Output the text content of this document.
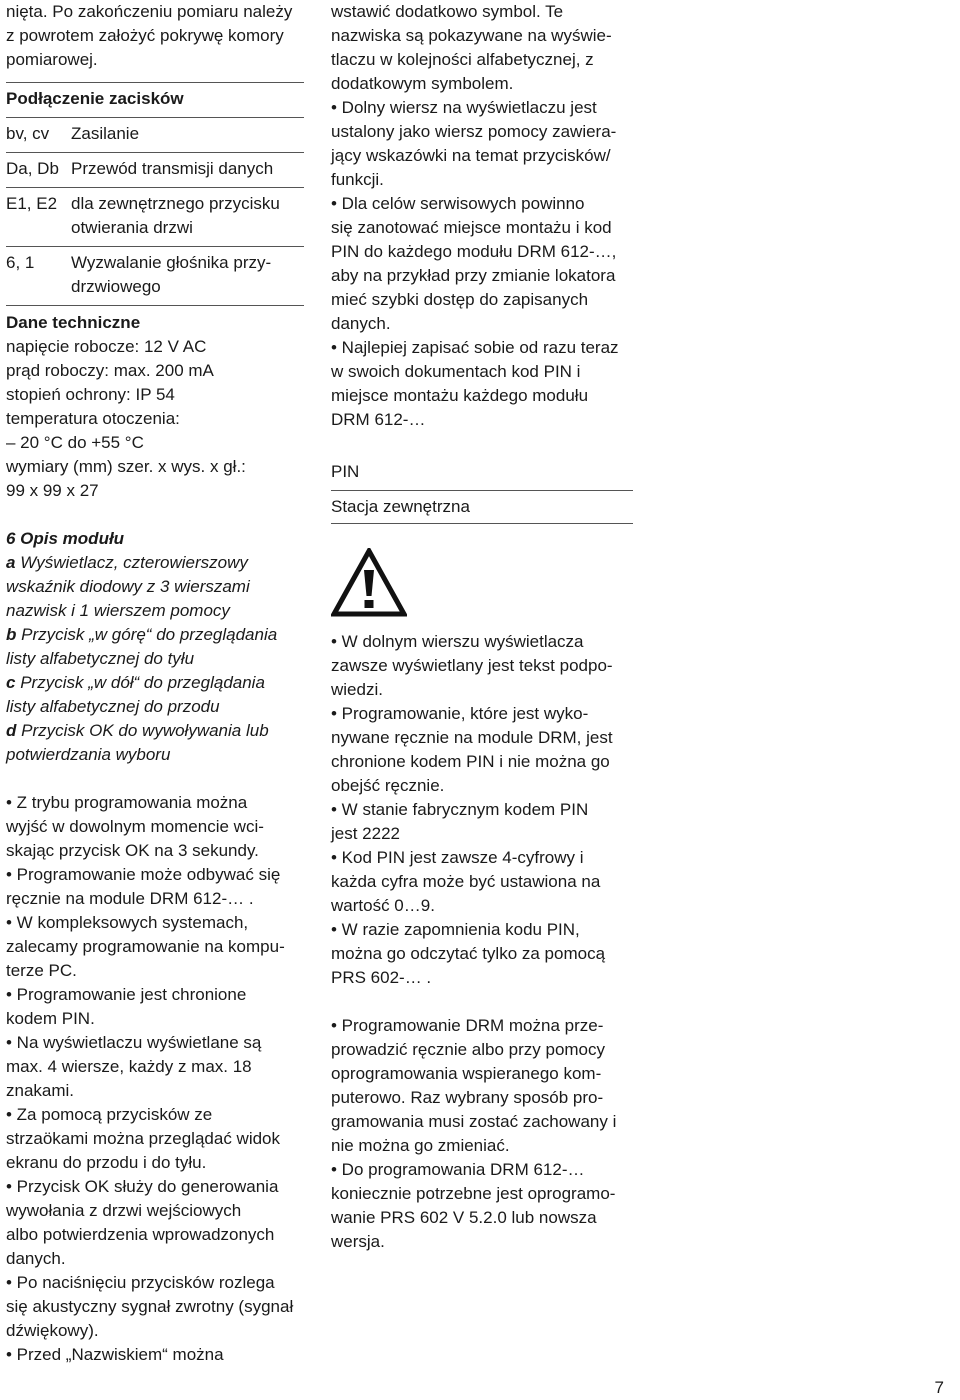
nięta. Po zakończeniu pomiaru należy
z powrotem założyć pokrywę komory
pomiarowej.
Podłączenie zacisków
bv, cv	Zasilanie
Da, Db Przewód transmisji danych
E1, E2 dla zewnętrznego przycisku
otwierania drzwi
6, 1	Wyzwalanie głośnika przy-
drzwiowego
Dane techniczne
napięcie robocze: 12 V AC
prąd roboczy: max. 200 mA
stopień ochrony: IP 54
temperatura otoczenia:
– 20 °C do +55 °C
wymiary (mm) szer. x wys. x gł.:
99 x 99 x 27
6 Opis modułu
a Wyświetlacz, czterowierszowy
wskaźnik diodowy z 3 wierszami
nazwisk i 1 wierszem pomocy
b Przycisk „w górę“ do przeglądania
listy alfabetycznej do tyłu
c Przycisk „w dół“ do przeglądania
listy alfabetycznej do przodu
d Przycisk OK do wywoływania lub
potwierdzania wyboru
• Z trybu programowania można
wyjść w dowolnym momencie wci-
skając przycisk OK na 3 sekundy.
• Programowanie może odbywać się
ręcznie na module DRM 612-… .
• W kompleksowych systemach,
zalecamy programowanie na kompu-
terze PC.
• Programowanie jest chronione
kodem PIN.
• Na wyświetlaczu wyświetlane są
max. 4 wiersze, każdy z max. 18
znakami.
• Za pomocą przycisków ze
strzaökami można przeglądać widok
ekranu do przodu i do tyłu.
• Przycisk OK służy do generowania
wywołania z drzwi wejściowych
albo potwierdzenia wprowadzonych
danych.
• Po naciśnięciu przycisków rozlega
się akustyczny sygnał zwrotny (sygnał
dźwiękowy).
• Przed „Nazwiskiem“ można
wstawić dodatkowo symbol. Te
nazwiska są pokazywane na wyświe-
tlaczu w kolejności alfabetycznej, z
dodatkowym symbolem.
• Dolny wiersz na wyświetlaczu jest
ustalony jako wiersz pomocy zawiera-
jący wskazówki na temat przycisków/
funkcji.
• Dla celów serwisowych powinno
się zanotować miejsce montażu i kod
PIN do każdego modułu DRM 612-…,
aby na przykład przy zmianie lokatora
mieć szybki dostęp do zapisanych
danych.
• Najlepiej zapisać sobie od razu teraz
w swoich dokumentach kod PIN i
miejsce montażu każdego modułu
DRM 612-…
PIN
Stacja zewnętrzna
• W dolnym wierszu wyświetlacza
zawsze wyświetlany jest tekst podpo-
wiedzi.
• Programowanie, które jest wyko-
nywane ręcznie na module DRM, jest
chronione kodem PIN i nie można go
obejść ręcznie.
• W stanie fabrycznym kodem PIN
jest 2222
• Kod PIN jest zawsze 4-cyfrowy i
każda cyfra może być ustawiona na
wartość 0…9.
• W razie zapomnienia kodu PIN,
można go odczytać tylko za pomocą
PRS 602-… .
• Programowanie DRM można prze-
prowadzić ręcznie albo przy pomocy
oprogramowania wspieranego kom-
puterowo. Raz wybrany sposób pro-
gramowania musi zostać zachowany i
nie można go zmieniać.
• Do programowania DRM 612-…
koniecznie potrzebne jest oprogramo-
wanie PRS 602 V 5.2.0 lub nowsza
wersja.
7
